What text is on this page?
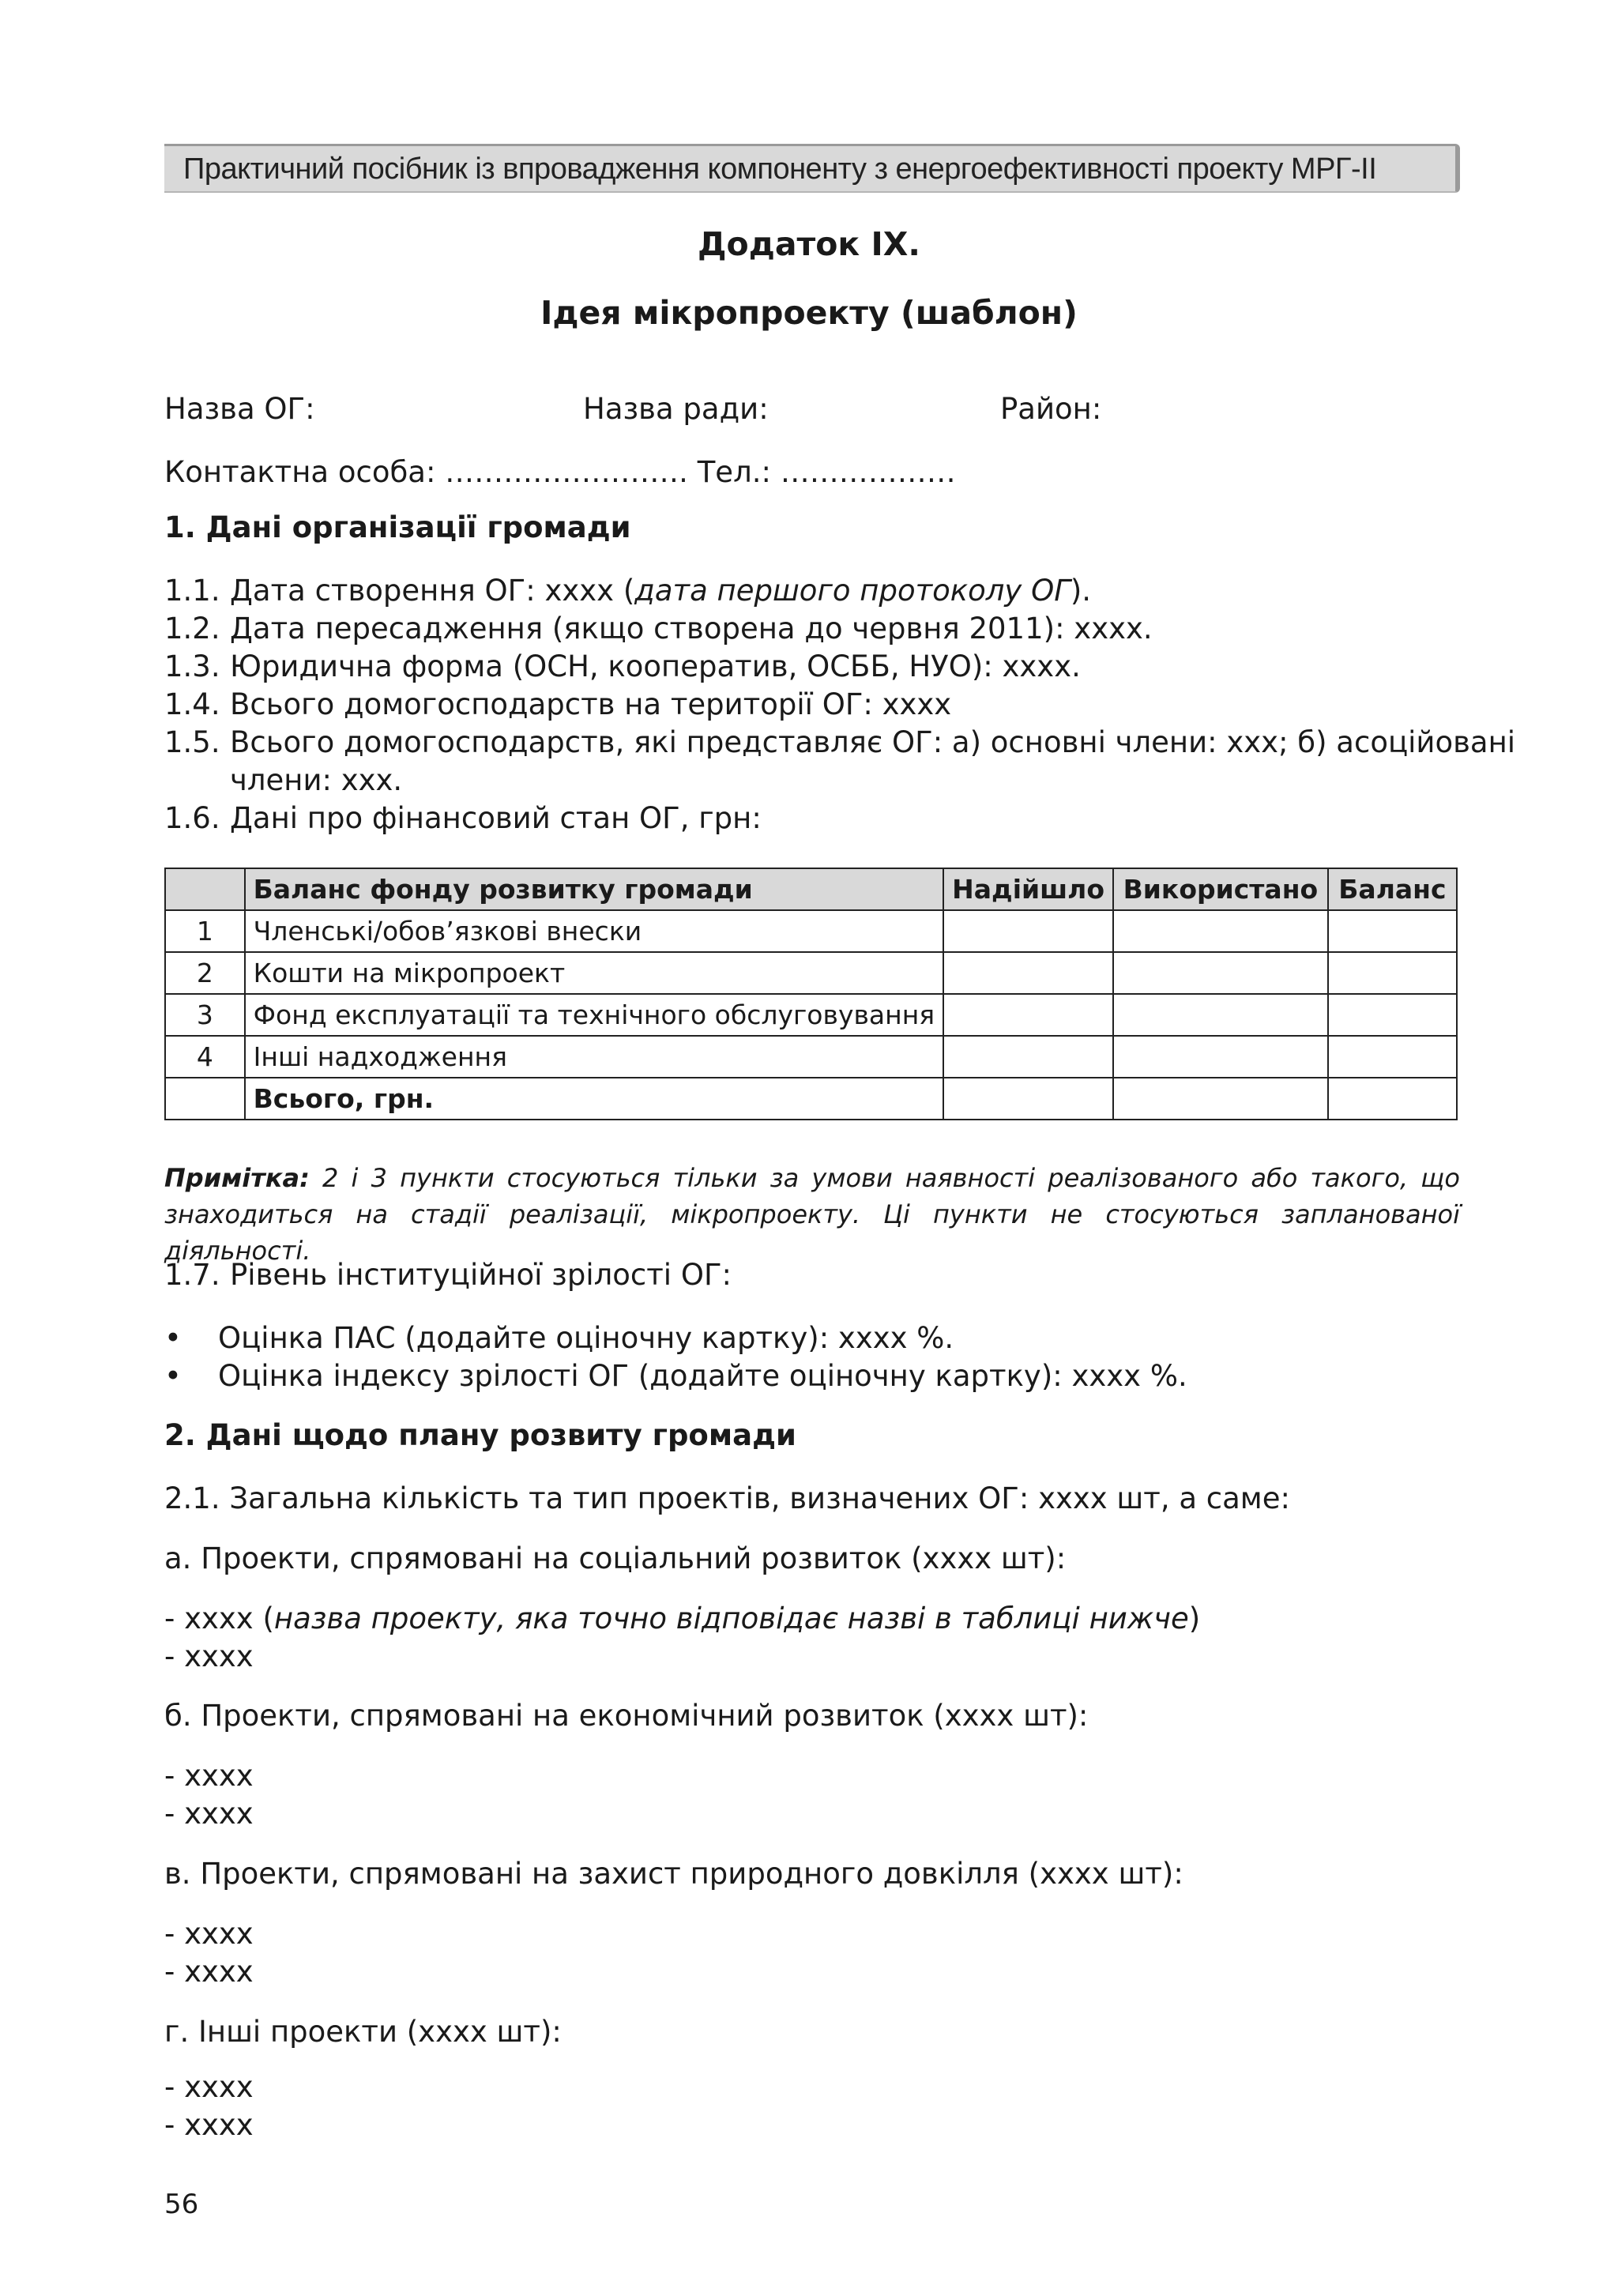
Практичний посібник із впровадження компоненту з енергоефективності проекту МРГ-ІІ
Додаток IX.
Ідея мікропроекту (шаблон)
Назва ОГ:	Назва ради:	Район:
Контактна особа: ……………………. Тел.: ………………
1. Дані організації громади
1.1. Дата створення ОГ: хххх (дата першого протоколу ОГ).
1.2. Дата пересадження (якщо створена до червня 2011): хххх.
1.3. Юридична форма (ОСН, кооператив, ОСББ, НУО): хххх.
1.4. Всього домогосподарств на території ОГ: хххх
1.5. Всього домогосподарств, які представляє ОГ: а) основні члени: ххх; б) асоційовані
члени: ххх.
1.6. Дані про фінансовий стан ОГ, грн:
	Баланс фонду розвитку громади	Надійшло	Використано	Баланс
1	Членські/обов’язкові внески			
2	Кошти на мікропроект			
3	Фонд експлуатації та технічного обслуговування			
4	Інші надходження			
	Всього, грн.			
Примітка: 2 і 3 пункти стосуються тільки за умови наявності реалізованого або такого, що знаходиться на стадії реалізації, мікропроекту. Ці пункти не стосуються запланованої діяльності.
1.7. Рівень інституційної зрілості ОГ:
• Оцінка ПАС (додайте оціночну картку): хххх %.
• Оцінка індексу зрілості ОГ (додайте оціночну картку): хххх %.
2. Дані щодо плану розвиту громади
2.1. Загальна кількість та тип проектів, визначених ОГ: хххх шт, а саме:
а. Проекти, спрямовані на соціальний розвиток (хххх шт):
- хххх (назва проекту, яка точно відповідає назві в таблиці нижче)
- хххх
б. Проекти, спрямовані на економічний розвиток (хххх шт):
- хххх
- хххх
в. Проекти, спрямовані на захист природного довкілля (хххх шт):
- хххх
- хххх
г. Інші проекти (хххх шт):
- хххх
- хххх
56
